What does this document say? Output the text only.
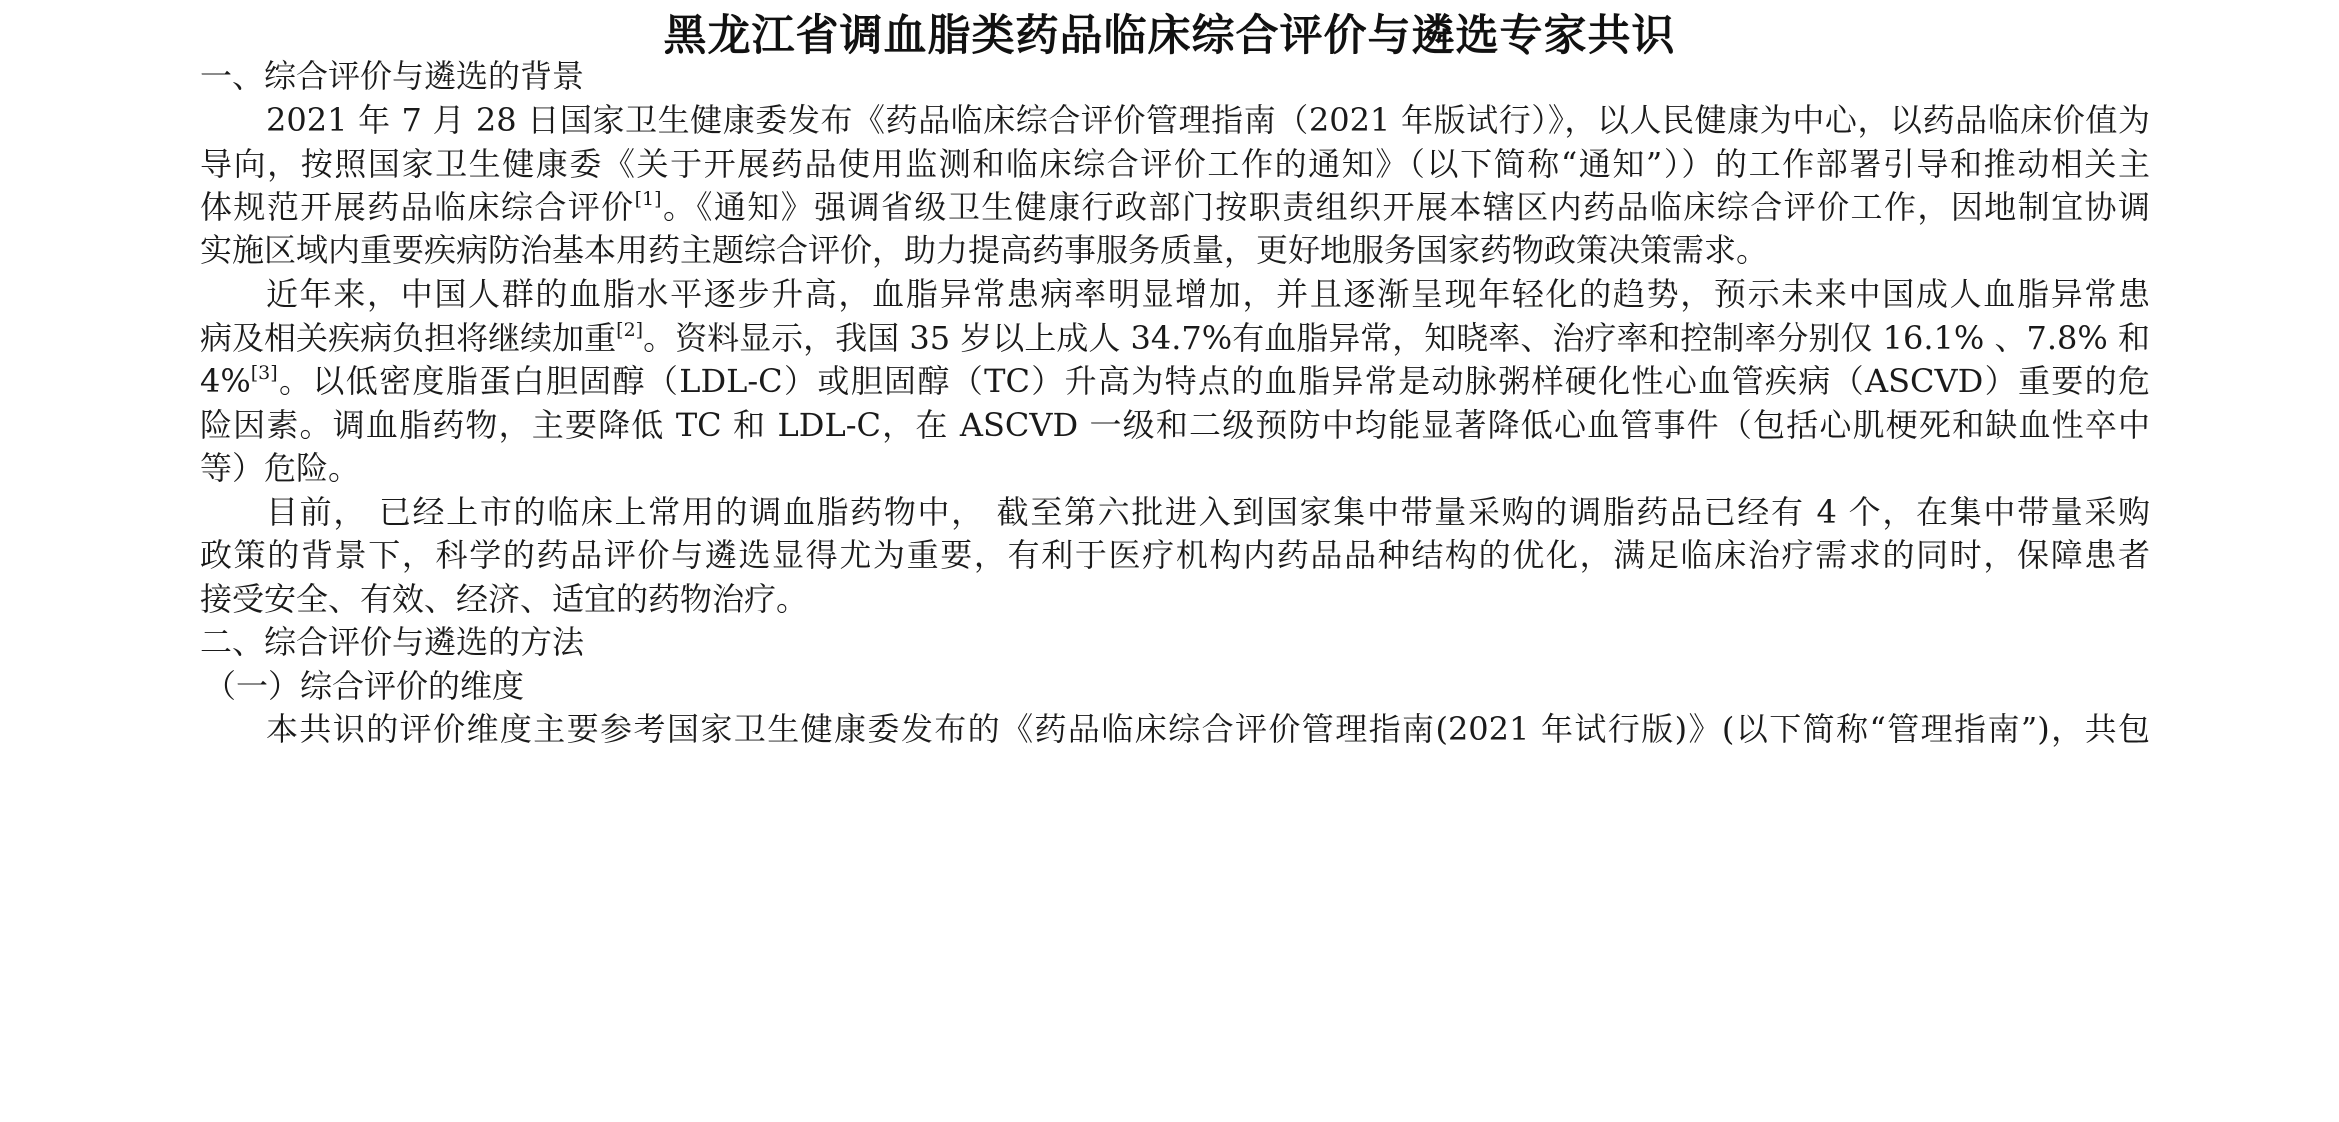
黑龙江省调血脂类药品临床综合评价与遴选专家共识
一、综合评价与遴选的背景
2021 年 7 月 28 日国家卫生健康委发布《药品临床综合评价管理指南（2021 年版试行）》，以人民健康为中心，以药品临床价值为
导向，按照国家卫生健康委《关于开展药品使用监测和临床综合评价工作的通知》（以下简称“通知”））的工作部署引导和推动相关主
体规范开展药品临床综合评价[1]。《通知》强调省级卫生健康行政部门按职责组织开展本辖区内药品临床综合评价工作，因地制宜协调
实施区域内重要疾病防治基本用药主题综合评价，助力提高药事服务质量，更好地服务国家药物政策决策需求。
近年来，中国人群的血脂水平逐步升高，血脂异常患病率明显增加，并且逐渐呈现年轻化的趋势，预示未来中国成人血脂异常患
病及相关疾病负担将继续加重[2]。资料显示，我国 35 岁以上成人 34.7%有血脂异常，知晓率、治疗率和控制率分别仅 16.1% 、7.8% 和
4%[3]。以低密度脂蛋白胆固醇（LDL-C）或胆固醇（TC）升高为特点的血脂异常是动脉粥样硬化性心血管疾病（ASCVD）重要的危
险因素。调血脂药物，主要降低 TC 和 LDL-C，在 ASCVD 一级和二级预防中均能显著降低心血管事件（包括心肌梗死和缺血性卒中
等）危险。
目前， 已经上市的临床上常用的调血脂药物中， 截至第六批进入到国家集中带量采购的调脂药品已经有 4 个，在集中带量采购
政策的背景下，科学的药品评价与遴选显得尤为重要，有利于医疗机构内药品品种结构的优化，满足临床治疗需求的同时，保障患者
接受安全、有效、经济、适宜的药物治疗。
二、综合评价与遴选的方法
（一）综合评价的维度
本共识的评价维度主要参考国家卫生健康委发布的《药品临床综合评价管理指南(2021 年试行版)》(以下简称“管理指南”)，共包
